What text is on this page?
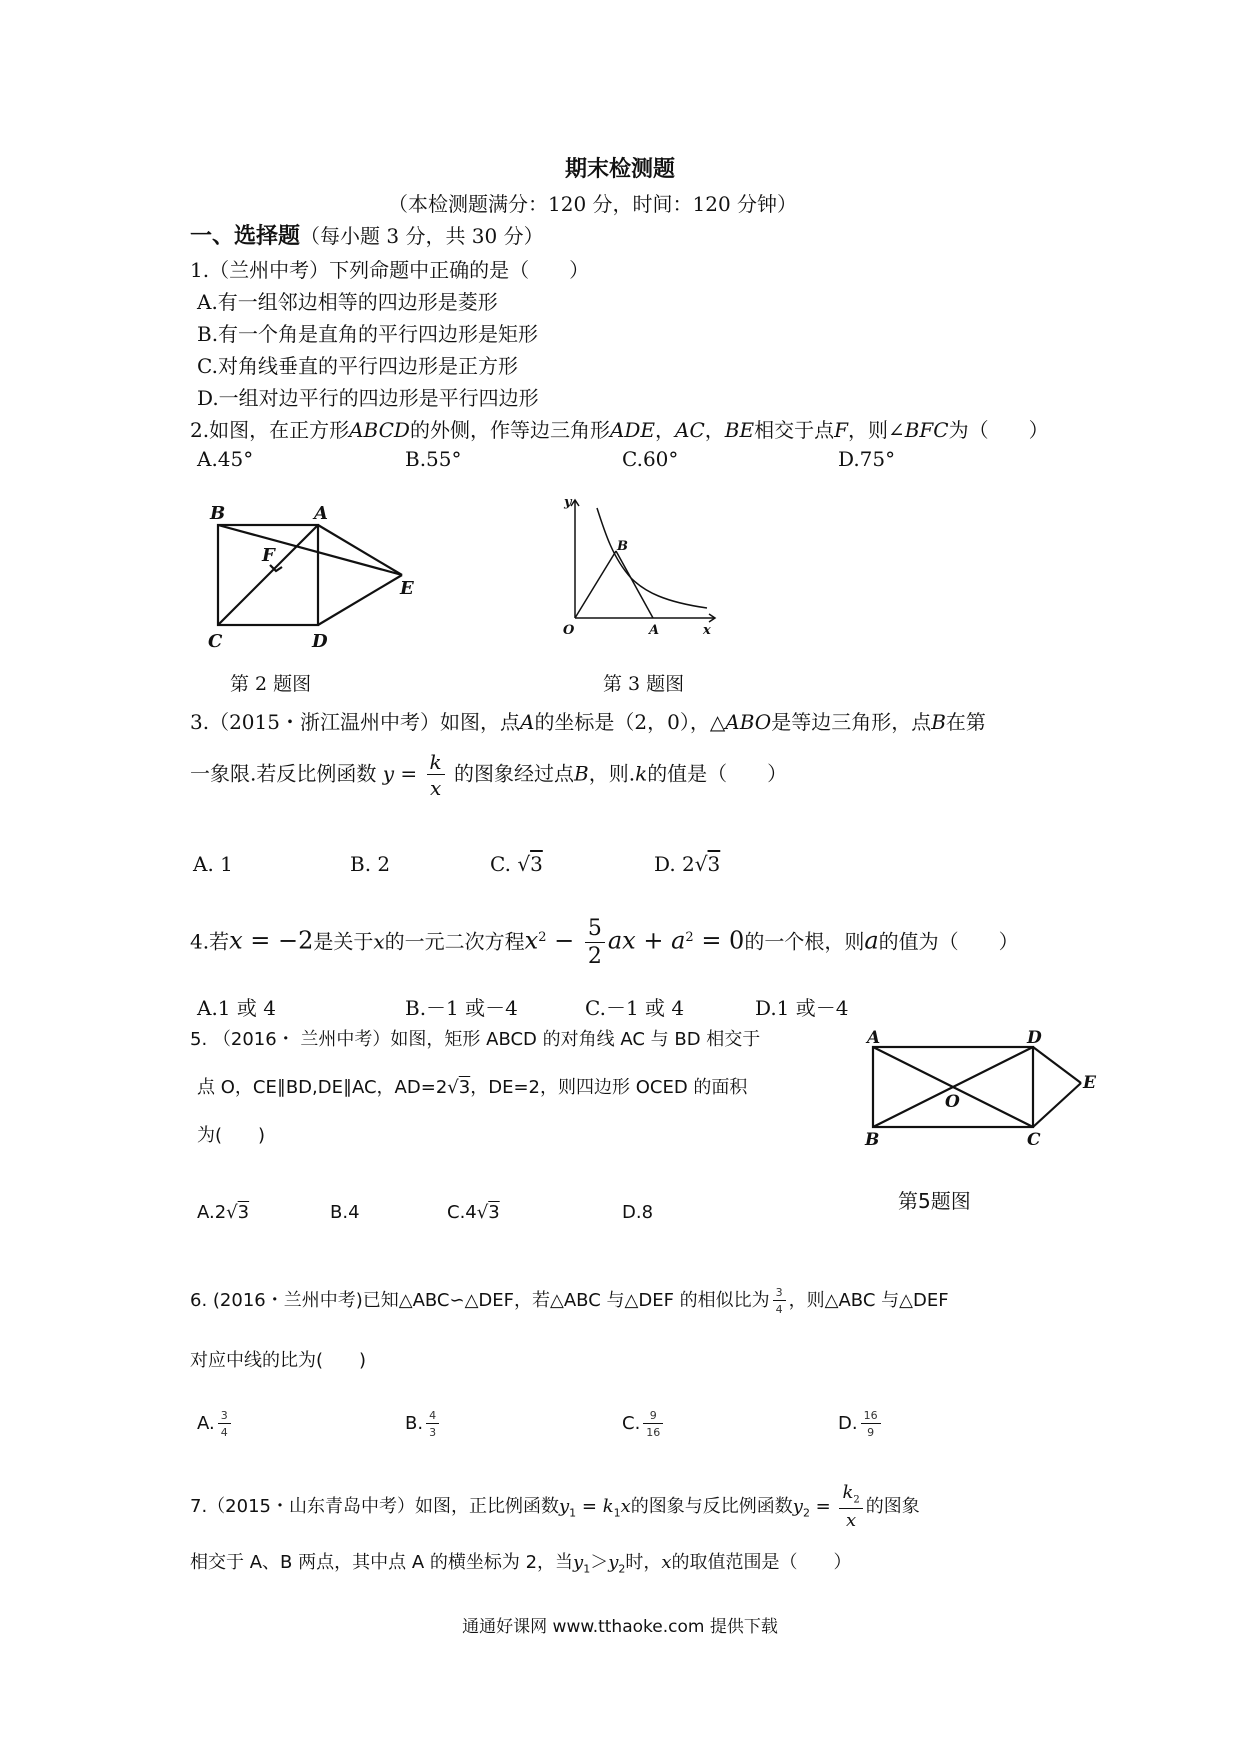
期末检测题
（本检测题满分：120 分，时间：120 分钟）
一、选择题（每小题 3 分，共 30 分）
1.（兰州中考）下列命题中正确的是（　　）
A.有一组邻边相等的四边形是菱形
B.有一个角是直角的平行四边形是矩形
C.对角线垂直的平行四边形是正方形
D.一组对边平行的四边形是平行四边形
2.如图，在正方形ABCD的外侧，作等边三角形ADE，AC，BE相交于点F，则∠BFC为（　　）
A.45°	B.55°	C.60°	D.75°
B	A
F
E
C	D
第 2 题图
y
B
O	A	x
第 3 题图
3.（2015・浙江温州中考）如图，点A的坐标是（2，0），△ABO是等边三角形，点B在第
一象限.若反比例函数 $y = \frac{k}{x}$ 的图象经过点B，则.k的值是（　　）
A. 1	B. 2	C. √3	D. 2√3
4.若x = −2是关于x的一元二次方程$x^2 - \frac{5}{2}$ ax + $a^2 = 0$的一个根，则a的值为（　　）
A.1 或 4	B.－1 或－4	C.－1 或 4	D.1 或－4
5. （2016・ 兰州中考）如图，矩形 ABCD 的对角线 AC 与 BD 相交于
点 O，CE∥BD,DE∥AC，AD=2√3，DE=2，则四边形 OCED 的面积
为(　　)
A.2√3	B.4	C.4√3	D.8
A	D
E
O
B	C
第5题图
6. (2016・兰州中考)已知△ABC∽△DEF，若△ABC 与△DEF 的相似比为 $\frac{3}{4}$ ，则△ABC 与△DEF
对应中线的比为(　　)
A. $\frac{3}{4}$	B. $\frac{4}{3}$	C. $\frac{9}{16}$	D. $\frac{16}{9}$
7.（2015・山东青岛中考）如图，正比例函数$y_1 = k_1x$的图象与反比例函数$y_2 = \frac{k_2}{x}$ 的图象
相交于 A、B 两点，其中点 A 的横坐标为 2，当$y_1>y_2$时，x的取值范围是（　　）
通通好课网 www.tthaoke.com 提供下载
